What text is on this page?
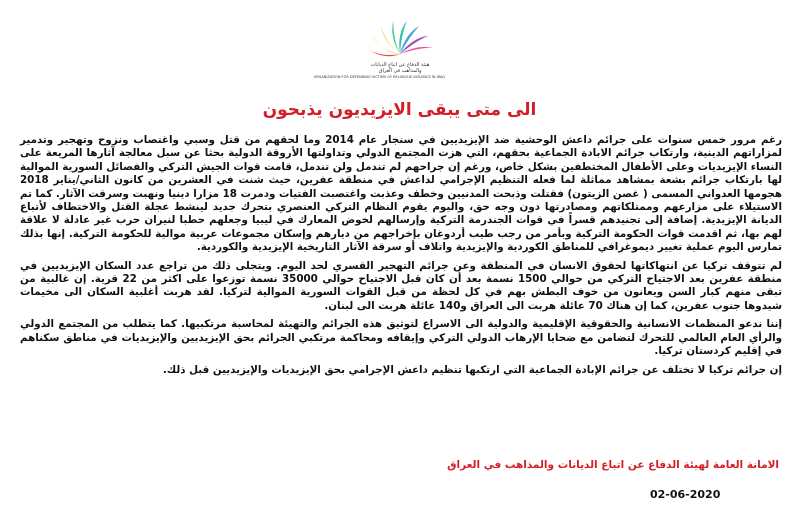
هيئة الدفاع عن اتباع الديانات
والمذاهب في العراق
ORGANIZATION FOR DEFENDING VICTIMS OF RELIGIOUS VIOLENCE IN IRAQ
الى متى يبقى الايزيديون يذبحون

رغم مرور خمس سنوات على جرائم داعش الوحشية ضد الإيزيديين في سنجار عام 2014 وما لحقهم من قتل وسبي واغتصاب ونزوح وتهجير وتدمير لمزاراتهم الدينية، وارتكاب جرائم الابادة الجماعية بحقهم، التي هزت المجتمع الدولي وتداولتها الأروقة الدولية بحثا عن سبل معالجة آثارها المريعة على النساء الإيزيديات وعلى الأطفال المختطفين بشكل خاص، ورغم إن جراحهم لم تندمل ولن تندمل، قامت قوات الجيش التركي والفصائل السورية الموالية لها بارتكاب جرائم بشعة بمشاهد مماثلة لما فعله التنظيم الإجرامي لداعش في منطقة عفرين، حيث شنت في العشرين من كانون الثاني/يناير 2018 هجومها العدواني المسمى ( غصن الزيتون) فقتلت وذبحت المدنيين وخطف وعذبت واغتصبت الفتيات ودمرت 18 مزارا دينيا ونهبت وسرقت الآثار. كما تم الاستيلاء على مزارعهم وممتلكاتهم ومصادرتها دون وجه حق، واليوم يقوم النظام التركي العنصري بتحرك جديد لينشط عجلة القتل والاختطاف لأتباع الديانة الإيزيدية. إضافة إلى تجنيدهم قسراً في قوات الجندرمة التركية وإرسالهم لخوض المعارك في ليبيا وجعلهم حطبا لنيران حرب غير عادلة لا علاقة لهم بها، ثم اقدمت قوات الحكومة التركية وبأمر من رجب طيب أردوغان بإخراجهم من ديارهم وإسكان مجموعات عربية موالية للحكومة التركية. إنها بذلك تمارس اليوم عملية تغيير ديموغرافي للمناطق الكوردية والإيزيدية واتلاف أو سرقة الآثار التاريخية الإيزيدية والكوردية.

لم تتوقف تركيا عن انتهاكاتها لحقوق الانسان في المنطقة وعن جرائم التهجير القسري لحد اليوم. ويتجلى ذلك من تراجع عدد السكان الإيزيديين في منطقة عفرين بعد الاجتياح التركي من حوالي 1500 نسمة بعد أن كان قبل الاجتياح حوالي 35000 نسمة توزعوا على اكثر من 22 قرية. إن غالبية من تبقى منهم كبار السن ويعانون من خوف البطش بهم في كل لحظة من قبل القوات السورية الموالية لتركيا. لقد هربت أغلبية السكان الى مخيمات شيدوها جنوب عفرين، كما إن هناك 70 عائلة هربت الى العراق و140 عائلة هربت الى لبنان.

إننا ندعو المنظمات الانسانية والحقوقية الإقليمية والدولية الى الاسراع لتوثيق هذه الجرائم والتهيئة لمحاسبة مرتكبيها. كما يتطلب من المجتمع الدولي والرأي العام العالمي للتحرك لتضامن مع ضحايا الإرهاب الدولي التركي وإيقافه ومحاكمة مرتكبي الجرائم بحق الإيزيديين والإيزيديات في مناطق سكناهم في إقليم كردستان تركيا.

إن جرائم تركيا لا تختلف عن جرائم الإبادة الجماعية التي ارتكبها تنظيم داعش الإجرامي بحق الإيزيديات والإيزيديين قبل ذلك.

الامانة العامة لهيئة الدفاع عن اتباع الديانات والمذاهب في العراق
02-06-2020
